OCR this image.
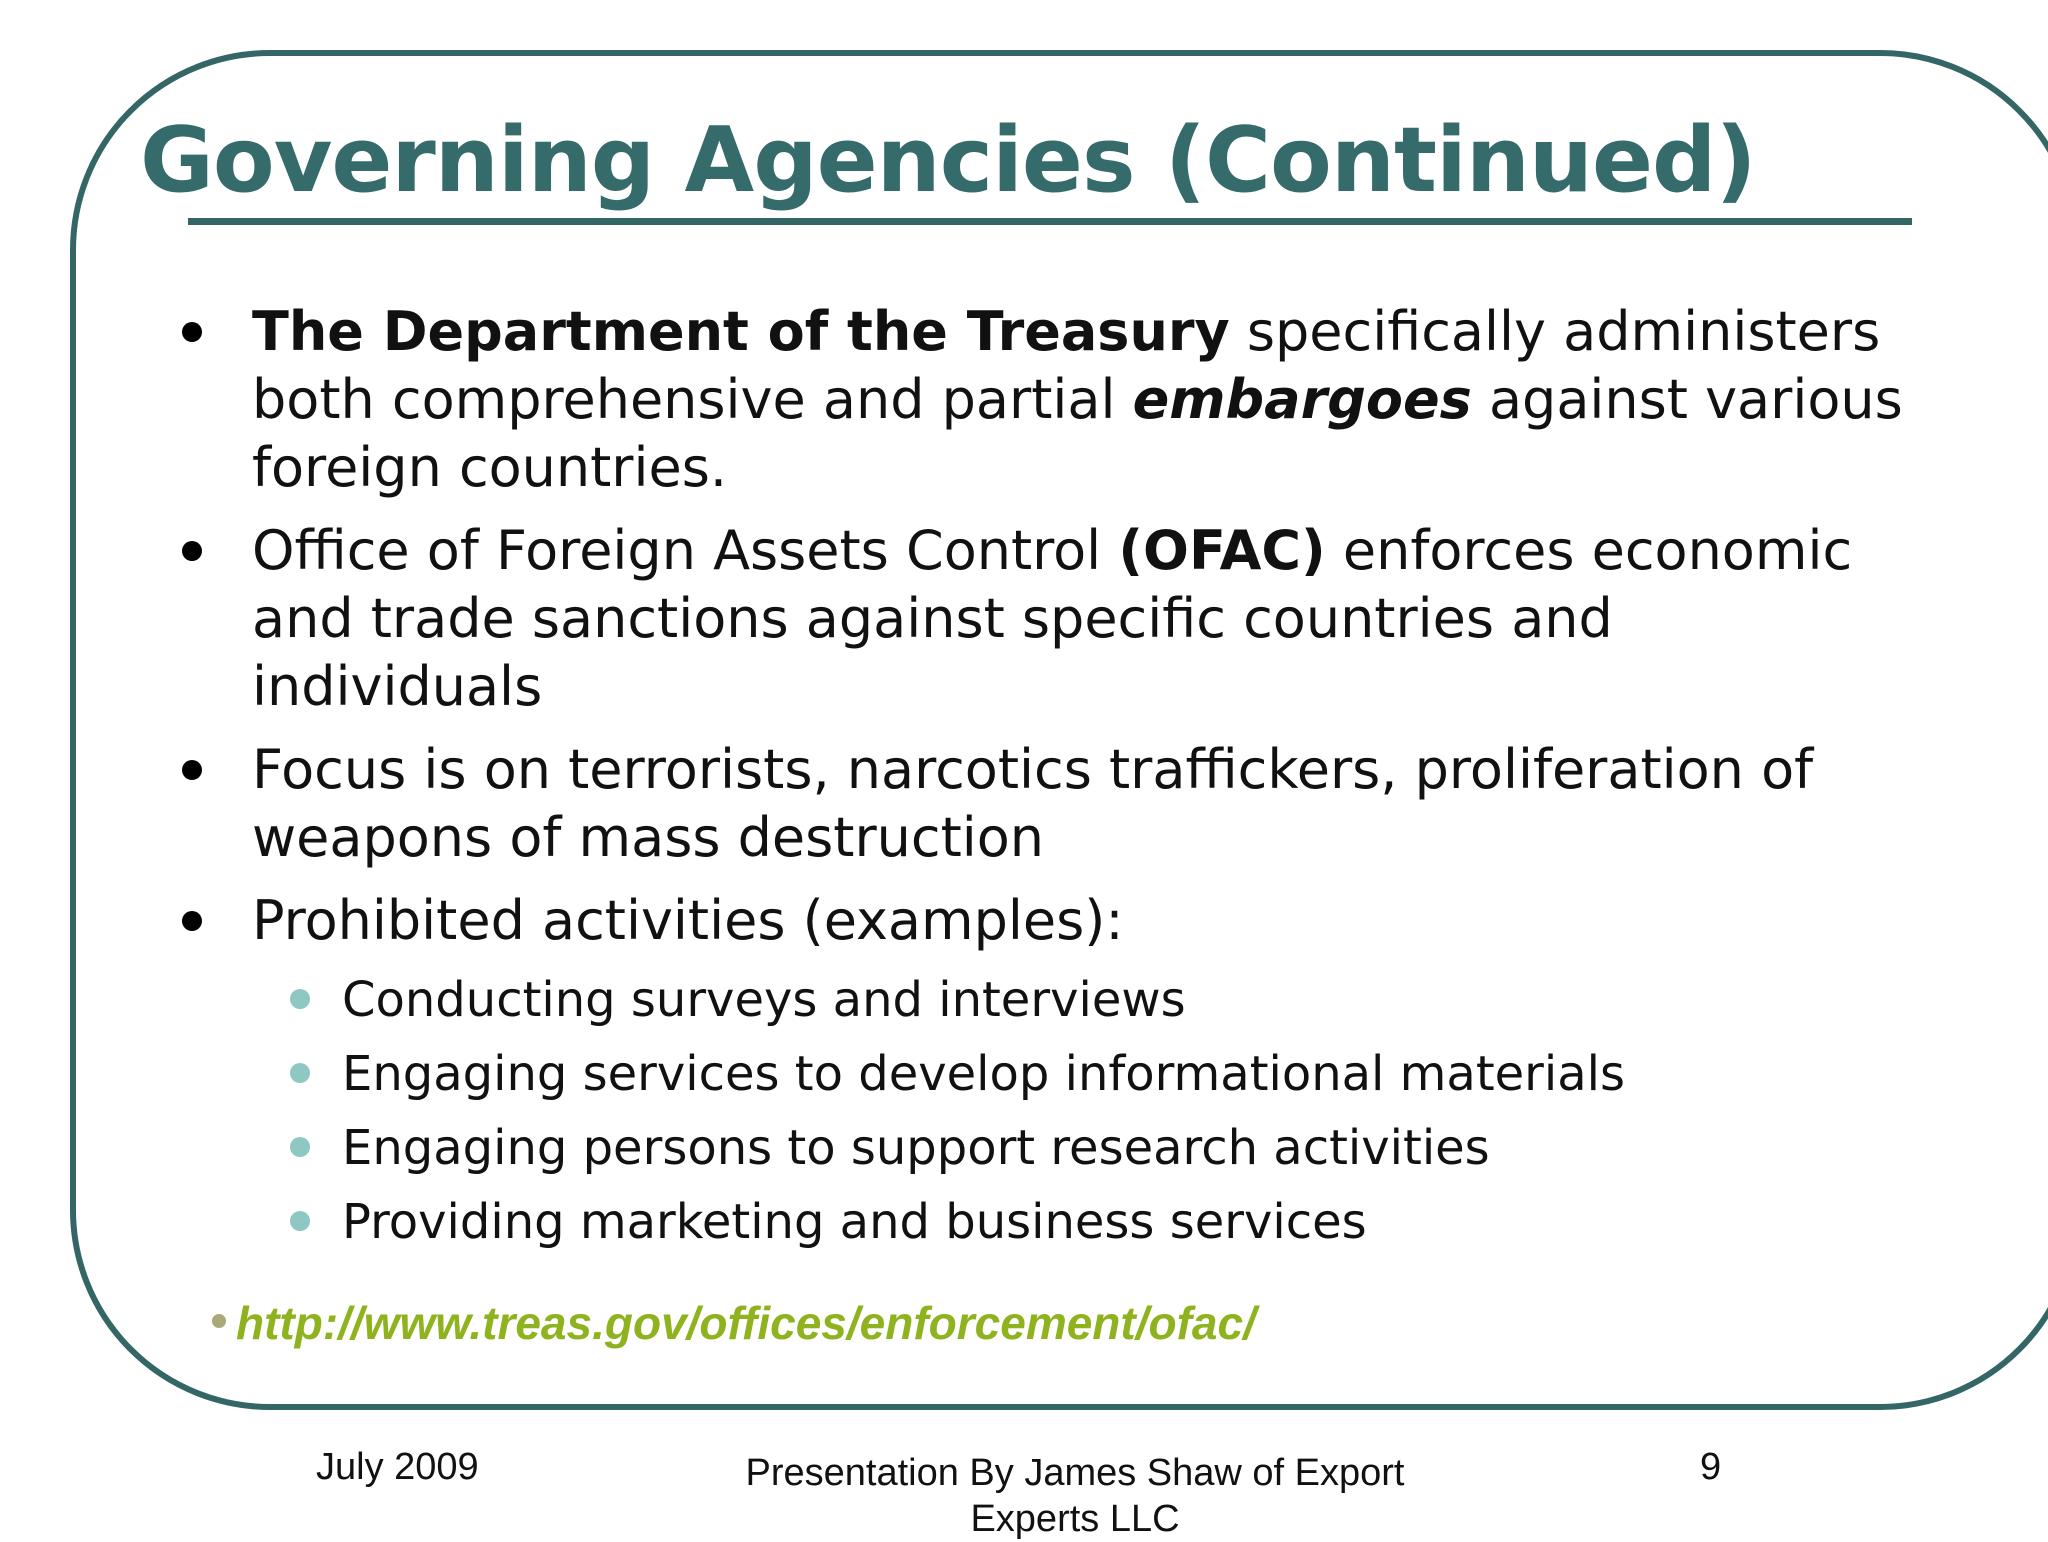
Governing Agencies (Continued)
The Department of the Treasury specifically administers both comprehensive and partial embargoes against various foreign countries.
Office of Foreign Assets Control (OFAC) enforces economic and trade sanctions against specific countries and individuals
Focus is on terrorists, narcotics traffickers, proliferation of weapons of mass destruction
Prohibited activities (examples):
Conducting surveys and interviews
Engaging services to develop informational materials
Engaging persons to support research activities
Providing marketing and business services
http://www.treas.gov/offices/enforcement/ofac/
July 2009	Presentation By James Shaw of Export Experts LLC
9
